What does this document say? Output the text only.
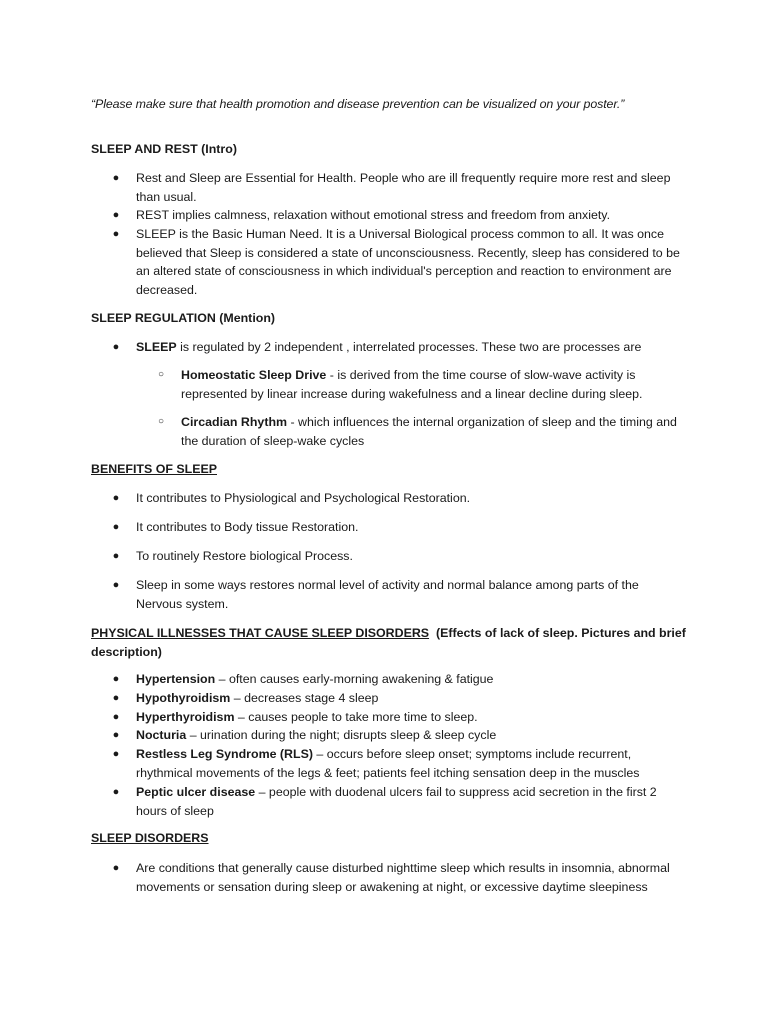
“Please make sure that health promotion and disease prevention can be visualized on your poster.”
SLEEP AND REST (Intro)
● Rest and Sleep are Essential for Health. People who are ill frequently require more rest and sleep than usual.
● REST implies calmness, relaxation without emotional stress and freedom from anxiety.
● SLEEP is the Basic Human Need. It is a Universal Biological process common to all. It was once believed that Sleep is considered a state of unconsciousness. Recently, sleep has considered to be an altered state of consciousness in which individual's perception and reaction to environment are decreased.
SLEEP REGULATION (Mention)
● SLEEP is regulated by 2 independent , interrelated processes. These two are processes are
○ Homeostatic Sleep Drive - is derived from the time course of slow-wave activity is represented by linear increase during wakefulness and a linear decline during sleep.
○ Circadian Rhythm - which influences the internal organization of sleep and the timing and the duration of sleep-wake cycles
BENEFITS OF SLEEP
● It contributes to Physiological and Psychological Restoration.
● It contributes to Body tissue Restoration.
● To routinely Restore biological Process.
● Sleep in some ways restores normal level of activity and normal balance among parts of the Nervous system.
PHYSICAL ILLNESSES THAT CAUSE SLEEP DISORDERS (Effects of lack of sleep. Pictures and brief description)
● Hypertension – often causes early-morning awakening & fatigue
● Hypothyroidism – decreases stage 4 sleep
● Hyperthyroidism – causes people to take more time to sleep.
● Nocturia – urination during the night; disrupts sleep & sleep cycle
● Restless Leg Syndrome (RLS) – occurs before sleep onset; symptoms include recurrent, rhythmical movements of the legs & feet; patients feel itching sensation deep in the muscles
● Peptic ulcer disease – people with duodenal ulcers fail to suppress acid secretion in the first 2 hours of sleep
SLEEP DISORDERS
● Are conditions that generally cause disturbed nighttime sleep which results in insomnia, abnormal movements or sensation during sleep or awakening at night, or excessive daytime sleepiness
